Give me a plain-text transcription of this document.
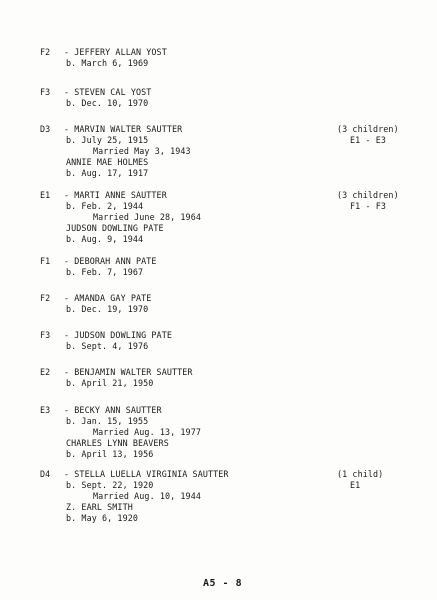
F2 - JEFFERY ALLAN YOST
b. March 6, 1969
F3 - STEVEN CAL YOST
b. Dec. 10, 1970
D3 - MARVIN WALTER SAUTTER	(3 children)
b. July 25, 1915	E1 - E3
Married May 3, 1943
ANNIE MAE HOLMES
b. Aug. 17, 1917
E1 - MARTI ANNE SAUTTER	(3 children)
b. Feb. 2, 1944	F1 - F3
Married June 28, 1964
JUDSON DOWLING PATE
b. Aug. 9, 1944
F1 - DEBORAH ANN PATE
b. Feb. 7, 1967
F2 - AMANDA GAY PATE
b. Dec. 19, 1970
F3 - JUDSON DOWLING PATE
b. Sept. 4, 1976
E2 - BENJAMIN WALTER SAUTTER
b. April 21, 1950
E3 - BECKY ANN SAUTTER
b. Jan. 15, 1955
Married Aug. 13, 1977
CHARLES LYNN BEAVERS
b. April 13, 1956
D4 - STELLA LUELLA VIRGINIA SAUTTER	(1 child)
b. Sept. 22, 1920	E1
Married Aug. 10, 1944
Z. EARL SMITH
b. May 6, 1920
A5 - 8
